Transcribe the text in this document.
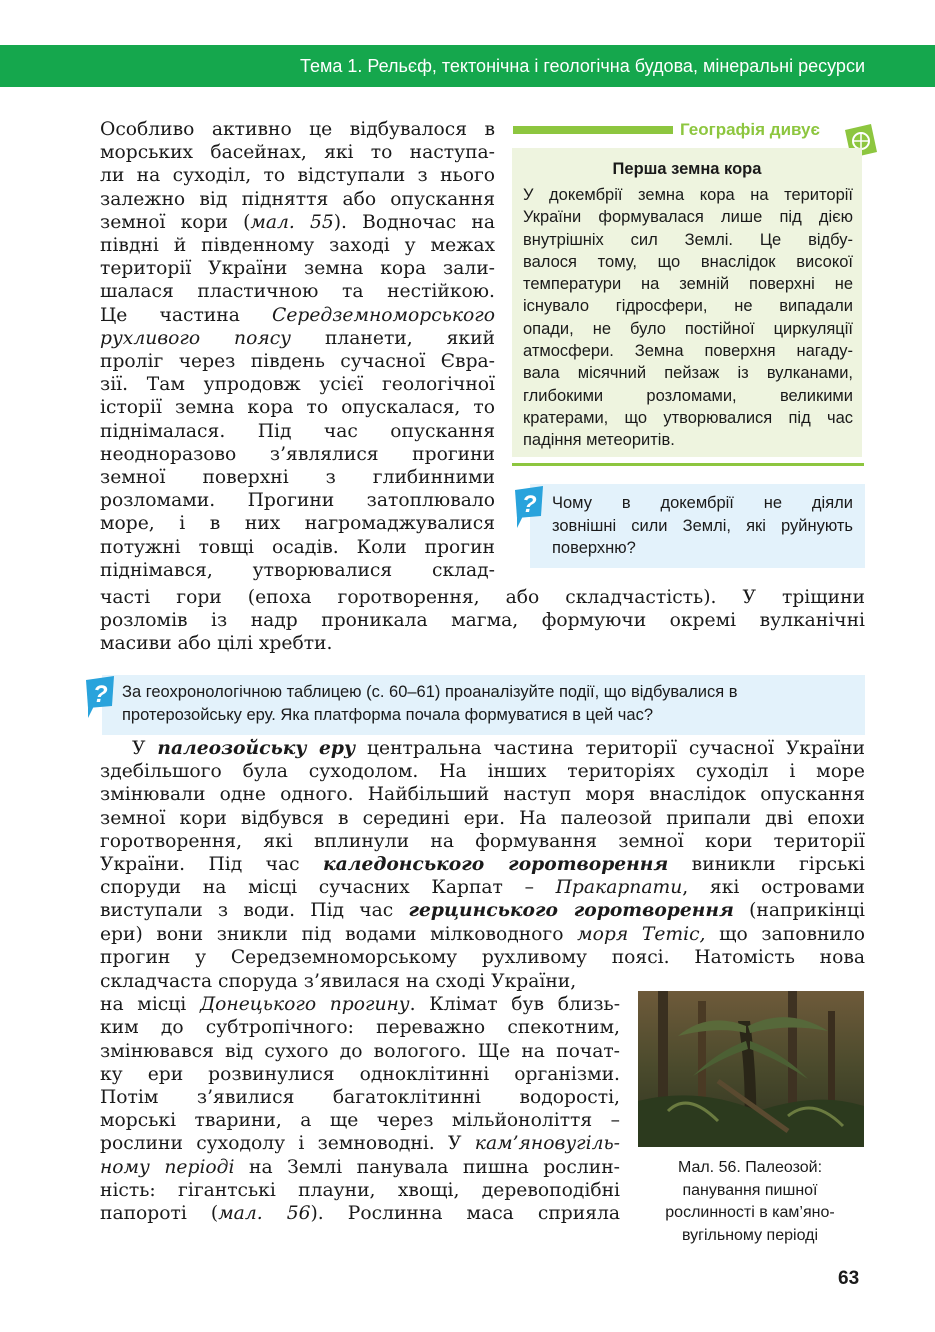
Тема 1. Рельєф, тектонічна і геологічна будова, мінеральні ресурси
Особливо активно це відбувалося в
морських басейнах, які то наступа-
ли на суходіл, то відступали з нього
залежно від підняття або опускання
земної кори (мал. 55). Водночас на
півдні й південному заході у межах
території України земна кора зали-
шалася пластичною та нестійкою.
Це частина Середземноморського
рухливого поясу планети, який
проліг через південь сучасної Євра-
зії. Там упродовж усієї геологічної
історії земна кора то опускалася, то
піднімалася. Під час опускання
неодноразово з’являлися прогини
земної поверхні з глибинними
розломами. Прогини затоплювало
море, і в них нагромаджувалися
потужні товщі осадів. Коли прогин
піднімався, утворювалися склад-
часті гори (епоха горотворення, або складчастість). У тріщини
розломів із надр проникала магма, формуючи окремі вулканічні
масиви або цілі хребти.
Географія дивує
Перша земна кора
У докембрії земна кора на території
України формувалася лише під дією
внутрішніх сил Землі. Це відбу-
валося тому, що внаслідок високої
температури на земній поверхні не
існувало гідросфери, не випадали
опади, не було постійної циркуляції
атмосфери. Земна поверхня нагаду-
вала місячний пейзаж із вулканами,
глибокими розломами, великими
кратерами, що утворювалися під час
падіння метеоритів.
Чому в докембрії не діяли
зовнішні сили Землі, які руйнують
поверхню?
?
За геохронологічною таблицею (с. 60–61) проаналізуйте події, що відбувалися в
протерозойську еру. Яка платформа почала формуватися в цей час?
?
У палеозойську еру центральна частина території сучасної України
здебільшого була суходолом. На інших територіях суходіл і море
змінювали одне одного. Найбільший наступ моря внаслідок опускання
земної кори відбувся в середині ери. На палеозой припали дві епохи
горотворення, які вплинули на формування земної кори території
України. Під час каледонського горотворення виникли гірські
споруди на місці сучасних Карпат – Пракарпати, які островами
виступали з води. Під час герцинського горотворення (наприкінці
ери) вони зникли під водами мілководного моря Тетіс, що заповнило
прогин у Середземноморському рухливому поясі. Натомість нова
складчаста споруда з’явилася на сході України,
на місці Донецького прогину. Клімат був близь-
ким до субтропічного: переважно спекотним,
змінювався від сухого до вологого. Ще на почат-
ку ери розвинулися одноклітинні організми.
Потім з’явилися багатоклітинні водорості,
морські тварини, а ще через мільйоноліття –
рослини суходолу і земноводні. У кам’яновугіль-
ному періоді на Землі панувала пишна рослин-
ність: гігантські плауни, хвощі, деревоподібні
папороті (мал. 56). Рослинна маса сприяла
Мал. 56. Палеозой:
панування пишної
рослинності в кам’яно-
вугільному періоді
63
